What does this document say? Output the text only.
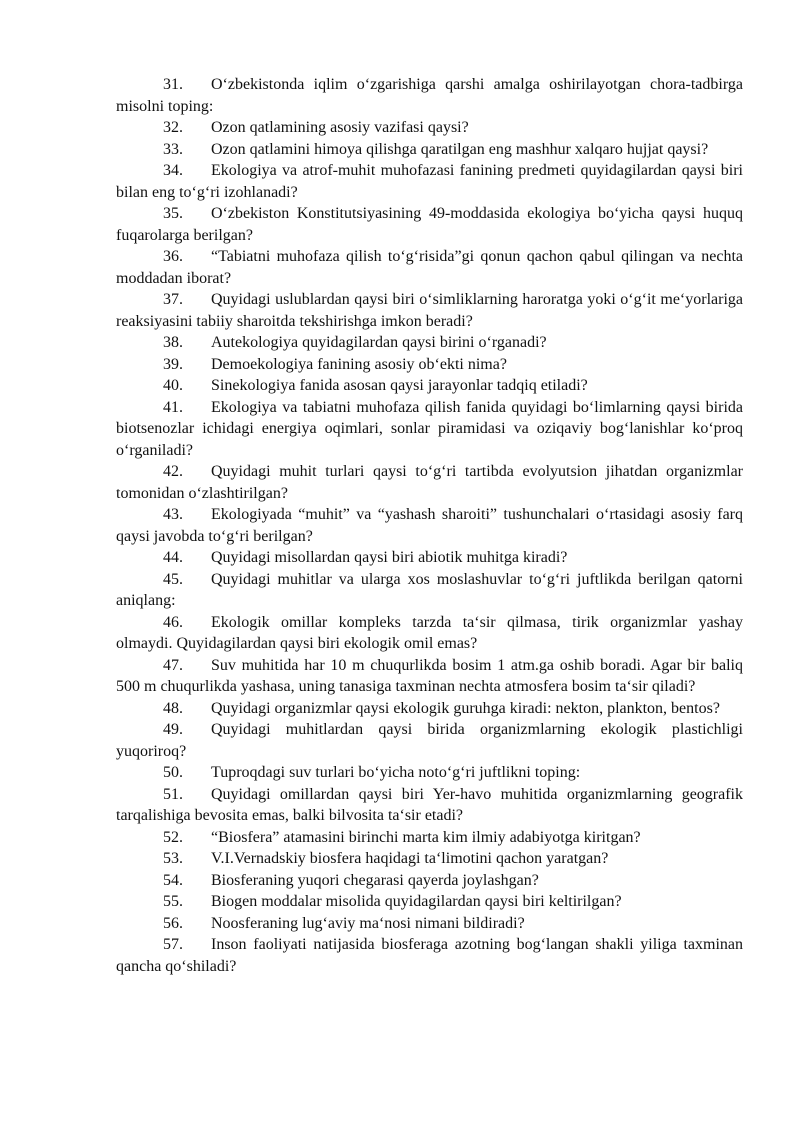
31. O‘zbekistonda iqlim o‘zgarishiga qarshi amalga oshirilayotgan chora-tadbirga misolni toping:

32. Ozon qatlamining asosiy vazifasi qaysi?

33. Ozon qatlamini himoya qilishga qaratilgan eng mashhur xalqaro hujjat qaysi?

34. Ekologiya va atrof-muhit muhofazasi fanining predmeti quyidagilardan qaysi biri bilan eng to‘g‘ri izohlanadi?

35. O‘zbekiston Konstitutsiyasining 49-moddasida ekologiya bo‘yicha qaysi huquq fuqarolarga berilgan?

36. “Tabiatni muhofaza qilish to‘g‘risida”gi qonun qachon qabul qilingan va nechta moddadan iborat?

37. Quyidagi uslublardan qaysi biri o‘simliklarning haroratga yoki o‘g‘it me‘yorlariga reaksiyasini tabiiy sharoitda tekshirishga imkon beradi?

38. Autekologiya quyidagilardan qaysi birini o‘rganadi?

39. Demoekologiya fanining asosiy ob‘ekti nima?

40. Sinekologiya fanida asosan qaysi jarayonlar tadqiq etiladi?

41. Ekologiya va tabiatni muhofaza qilish fanida quyidagi bo‘limlarning qaysi birida biotsenozlar ichidagi energiya oqimlari, sonlar piramidasi va oziqaviy bog‘lanishlar ko‘proq o‘rganiladi?

42. Quyidagi muhit turlari qaysi to‘g‘ri tartibda evolyutsion jihatdan organizmlar tomonidan o‘zlashtirilgan?

43. Ekologiyada “muhit” va “yashash sharoiti” tushunchalari o‘rtasidagi asosiy farq qaysi javobda to‘g‘ri berilgan?

44. Quyidagi misollardan qaysi biri abiotik muhitga kiradi?

45. Quyidagi muhitlar va ularga xos moslashuvlar to‘g‘ri juftlikda berilgan qatorni aniqlang:

46. Ekologik omillar kompleks tarzda ta‘sir qilmasa, tirik organizmlar yashay olmaydi. Quyidagilardan qaysi biri ekologik omil emas?

47. Suv muhitida har 10 m chuqurlikda bosim 1 atm.ga oshib boradi. Agar bir baliq 500 m chuqurlikda yashasa, uning tanasiga taxminan nechta atmosfera bosim ta‘sir qiladi?

48. Quyidagi organizmlar qaysi ekologik guruhga kiradi: nekton, plankton, bentos?

49. Quyidagi muhitlardan qaysi birida organizmlarning ekologik plastichligi yuqoriroq?

50. Tuproqdagi suv turlari bo‘yicha noto‘g‘ri juftlikni toping:

51. Quyidagi omillardan qaysi biri Yer-havo muhitida organizmlarning geografik tarqalishiga bevosita emas, balki bilvosita ta‘sir etadi?

52. “Biosfera” atamasini birinchi marta kim ilmiy adabiyotga kiritgan?

53. V.I.Vernadskiy biosfera haqidagi ta‘limotini qachon yaratgan?

54. Biosferaning yuqori chegarasi qayerda joylashgan?

55. Biogen moddalar misolida quyidagilardan qaysi biri keltirilgan?

56. Noosferaning lug‘aviy ma‘nosi nimani bildiradi?

57. Inson faoliyati natijasida biosferaga azotning bog‘langan shakli yiliga taxminan qancha qo‘shiladi?
